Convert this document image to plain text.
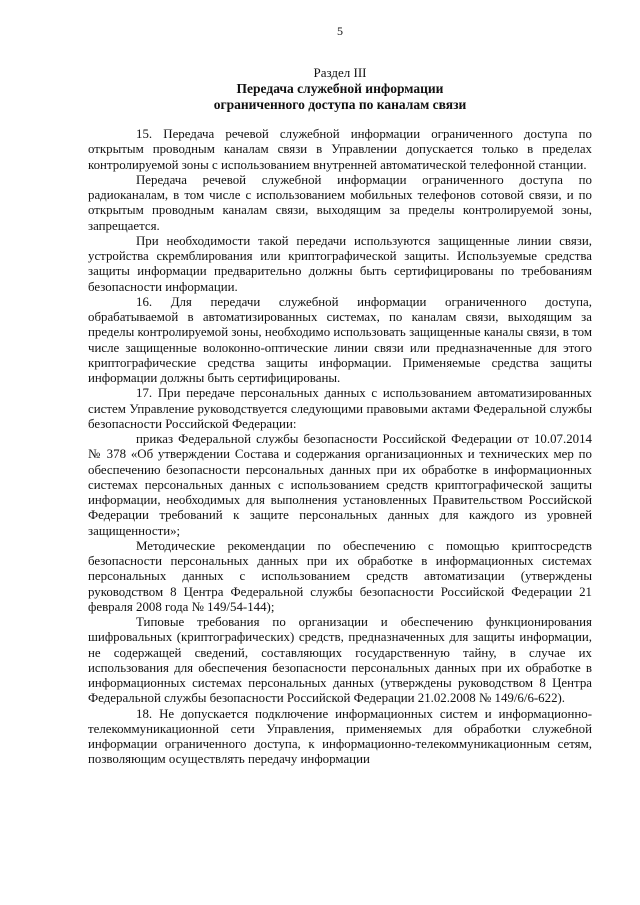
5
Раздел III
Передача служебной информации
ограниченного доступа по каналам связи

15. Передача речевой служебной информации ограниченного доступа по открытым проводным каналам связи в Управлении допускается только в пределах контролируемой зоны с использованием внутренней автоматической телефонной станции.

Передача речевой служебной информации ограниченного доступа по радиоканалам, в том числе с использованием мобильных телефонов сотовой связи, и по открытым проводным каналам связи, выходящим за пределы контролируемой зоны, запрещается.

При необходимости такой передачи используются защищенные линии связи, устройства скремблирования или криптографической защиты. Используемые средства защиты информации предварительно должны быть сертифицированы по требованиям безопасности информации.

16. Для передачи служебной информации ограниченного доступа, обрабатываемой в автоматизированных системах, по каналам связи, выходящим за пределы контролируемой зоны, необходимо использовать защищенные каналы связи, в том числе защищенные волоконно-оптические линии связи или предназначенные для этого криптографические средства защиты информации. Применяемые средства защиты информации должны быть сертифицированы.

17. При передаче персональных данных с использованием автоматизированных систем Управление руководствуется следующими правовыми актами Федеральной службы безопасности Российской Федерации:

приказ Федеральной службы безопасности Российской Федерации от 10.07.2014 № 378 «Об утверждении Состава и содержания организационных и технических мер по обеспечению безопасности персональных данных при их обработке в информационных системах персональных данных с использованием средств криптографической защиты информации, необходимых для выполнения установленных Правительством Российской Федерации требований к защите персональных данных для каждого из уровней защищенности»;

Методические рекомендации по обеспечению с помощью криптосредств безопасности персональных данных при их обработке в информационных системах персональных данных с использованием средств автоматизации (утверждены руководством 8 Центра Федеральной службы безопасности Российской Федерации 21 февраля 2008 года № 149/54-144);

Типовые требования по организации и обеспечению функционирования шифровальных (криптографических) средств, предназначенных для защиты информации, не содержащей сведений, составляющих государственную тайну, в случае их использования для обеспечения безопасности персональных данных при их обработке в информационных системах персональных данных (утверждены руководством 8 Центра Федеральной службы безопасности Российской Федерации 21.02.2008 № 149/6/6-622).

18. Не допускается подключение информационных систем и информационно-телекоммуникационной сети Управления, применяемых для обработки служебной информации ограниченного доступа, к информационно-телекоммуникационным сетям, позволяющим осуществлять передачу информации
